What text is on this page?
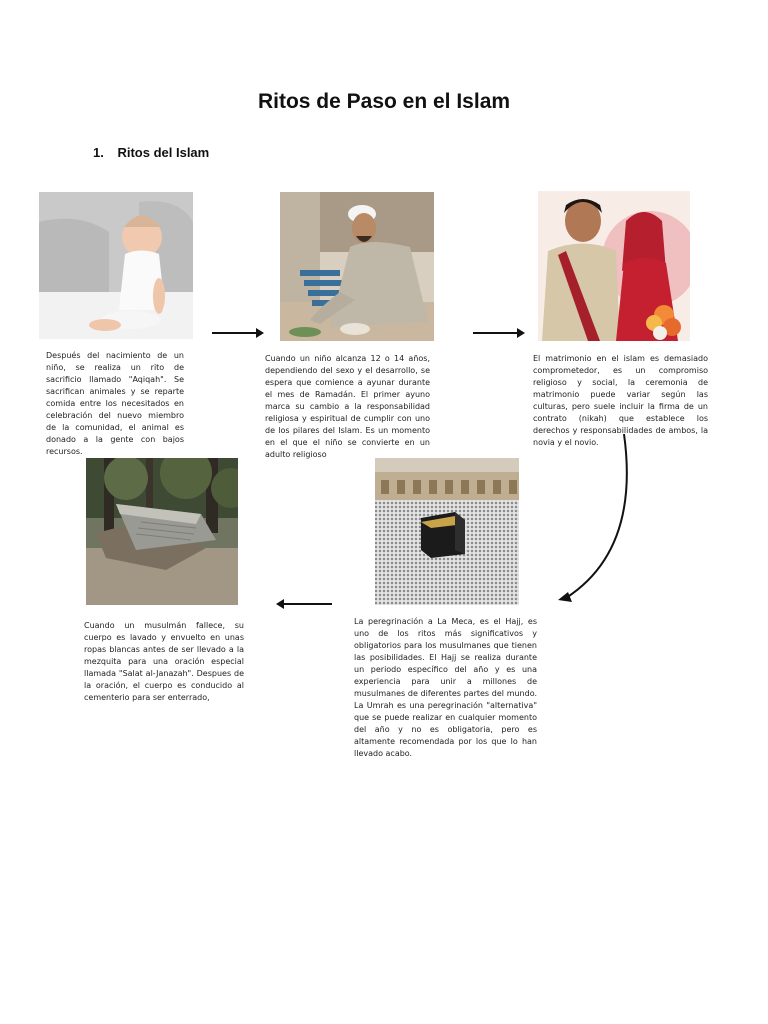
Ritos de Paso en el Islam
1. Ritos del Islam
Después del nacimiento de un niño, se realiza un rito de sacrificio llamado "Aqiqah". Se sacrifican animales y se reparte comida entre los necesitados en celebración del nuevo miembro de la comunidad, el animal es donado a la gente con bajos recursos.
Cuando un niño alcanza 12 o 14 años, dependiendo del sexo y el desarrollo, se espera que comience a ayunar durante el mes de Ramadán. El primer ayuno marca su cambio a la responsabilidad religiosa y espiritual de cumplir con uno de los pilares del Islam. Es un momento en el que el niño se convierte en un adulto religioso
El matrimonio en el islam es demasiado comprometedor, es un compromiso religioso y social, la ceremonia de matrimonio puede variar según las culturas, pero suele incluir la firma de un contrato (nikah) que establece los derechos y responsabilidades de ambos, la novia y el novio.
La peregrinación a La Meca, es el Hajj, es uno de los ritos más significativos y obligatorios para los musulmanes que tienen las posibilidades. El Hajj se realiza durante un periodo específico del año y es una experiencia para unir a millones de musulmanes de diferentes partes del mundo. La Umrah es una peregrinación "alternativa" que se puede realizar en cualquier momento del año y no es obligatoria, pero es altamente recomendada por los que lo han llevado acabo.
Cuando un musulmán fallece, su cuerpo es lavado y envuelto en unas ropas blancas antes de ser llevado a la mezquita para una oración especial llamada "Salat al-Janazah". Despues de la oración, el cuerpo es conducido al cementerio para ser enterrado,
